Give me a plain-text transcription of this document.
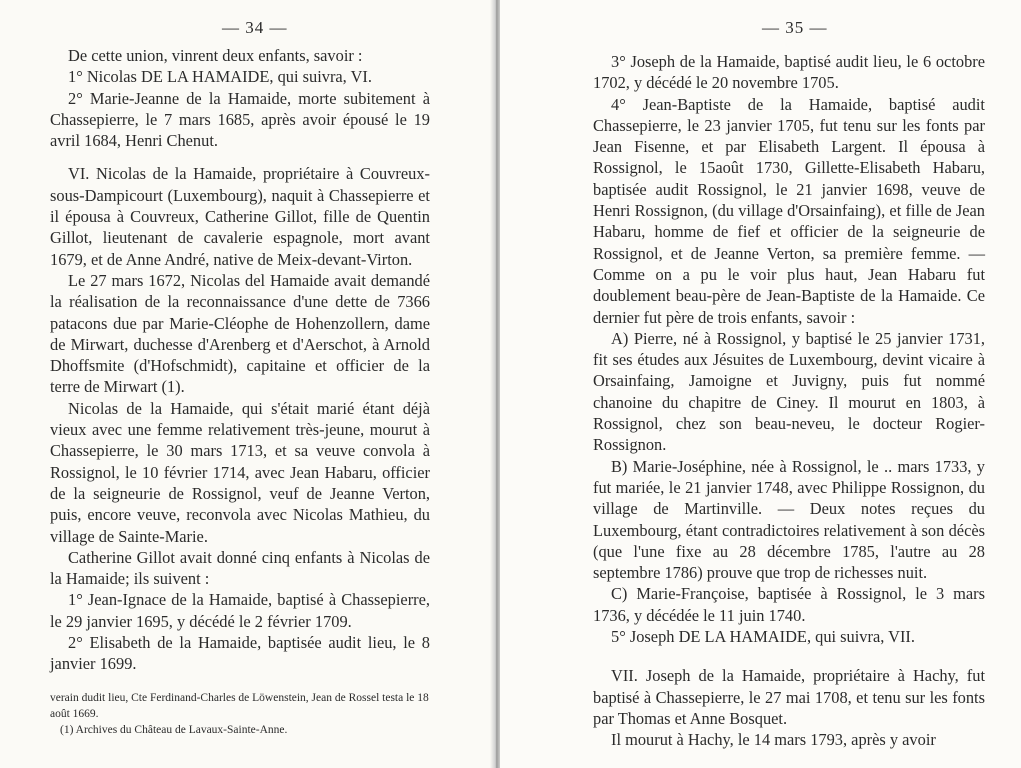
— 34 —

De cette union, vinrent deux enfants, savoir :

1° Nicolas DE LA HAMAIDE, qui suivra, VI.

2° Marie-Jeanne de la Hamaide, morte subitement à Chassepierre, le 7 mars 1685, après avoir épousé le 19 avril 1684, Henri Chenut.

VI. Nicolas de la Hamaide, propriétaire à Couvreux-sous-Dampicourt (Luxembourg), naquit à Chassepierre et il épousa à Couvreux, Catherine Gillot, fille de Quentin Gillot, lieutenant de cavalerie espagnole, mort avant 1679, et de Anne André, native de Meix-devant-Virton.

Le 27 mars 1672, Nicolas del Hamaide avait demandé la réalisation de la reconnaissance d'une dette de 7366 patacons due par Marie-Cléophe de Hohenzollern, dame de Mirwart, duchesse d'Arenberg et d'Aerschot, à Arnold Dhoffsmite (d'Hofschmidt), capitaine et officier de la terre de Mirwart (1).

Nicolas de la Hamaide, qui s'était marié étant déjà vieux avec une femme relativement très-jeune, mourut à Chassepierre, le 30 mars 1713, et sa veuve convola à Rossignol, le 10 février 1714, avec Jean Habaru, officier de la seigneurie de Rossignol, veuf de Jeanne Verton, puis, encore veuve, reconvola avec Nicolas Mathieu, du village de Sainte-Marie.

Catherine Gillot avait donné cinq enfants à Nicolas de la Hamaide; ils suivent :

1° Jean-Ignace de la Hamaide, baptisé à Chassepierre, le 29 janvier 1695, y décédé le 2 février 1709.

2° Elisabeth de la Hamaide, baptisée audit lieu, le 8 janvier 1699.

verain dudit lieu, Cte Ferdinand-Charles de Löwenstein, Jean de Rossel testa le 18 août 1669.

(1) Archives du Château de Lavaux-Sainte-Anne.

— 35 —

3° Joseph de la Hamaide, baptisé audit lieu, le 6 octobre 1702, y décédé le 20 novembre 1705.

4° Jean-Baptiste de la Hamaide, baptisé audit Chassepierre, le 23 janvier 1705, fut tenu sur les fonts par Jean Fisenne, et par Elisabeth Largent. Il épousa à Rossignol, le 15août 1730, Gillette-Elisabeth Habaru, baptisée audit Rossignol, le 21 janvier 1698, veuve de Henri Rossignon, (du village d'Orsainfaing), et fille de Jean Habaru, homme de fief et officier de la seigneurie de Rossignol, et de Jeanne Verton, sa première femme. — Comme on a pu le voir plus haut, Jean Habaru fut doublement beau-père de Jean-Baptiste de la Hamaide. Ce dernier fut père de trois enfants, savoir :

A) Pierre, né à Rossignol, y baptisé le 25 janvier 1731, fit ses études aux Jésuites de Luxembourg, devint vicaire à Orsainfaing, Jamoigne et Juvigny, puis fut nommé chanoine du chapitre de Ciney. Il mourut en 1803, à Rossignol, chez son beau-neveu, le docteur Rogier-Rossignon.

B) Marie-Joséphine, née à Rossignol, le .. mars 1733, y fut mariée, le 21 janvier 1748, avec Philippe Rossignon, du village de Martinville. — Deux notes reçues du Luxembourg, étant contradictoires relativement à son décès (que l'une fixe au 28 décembre 1785, l'autre au 28 septembre 1786) prouve que trop de richesses nuit.

C) Marie-Françoise, baptisée à Rossignol, le 3 mars 1736, y décédée le 11 juin 1740.

5° Joseph DE LA HAMAIDE, qui suivra, VII.

VII. Joseph de la Hamaide, propriétaire à Hachy, fut baptisé à Chassepierre, le 27 mai 1708, et tenu sur les fonts par Thomas et Anne Bosquet.

Il mourut à Hachy, le 14 mars 1793, après y avoir
